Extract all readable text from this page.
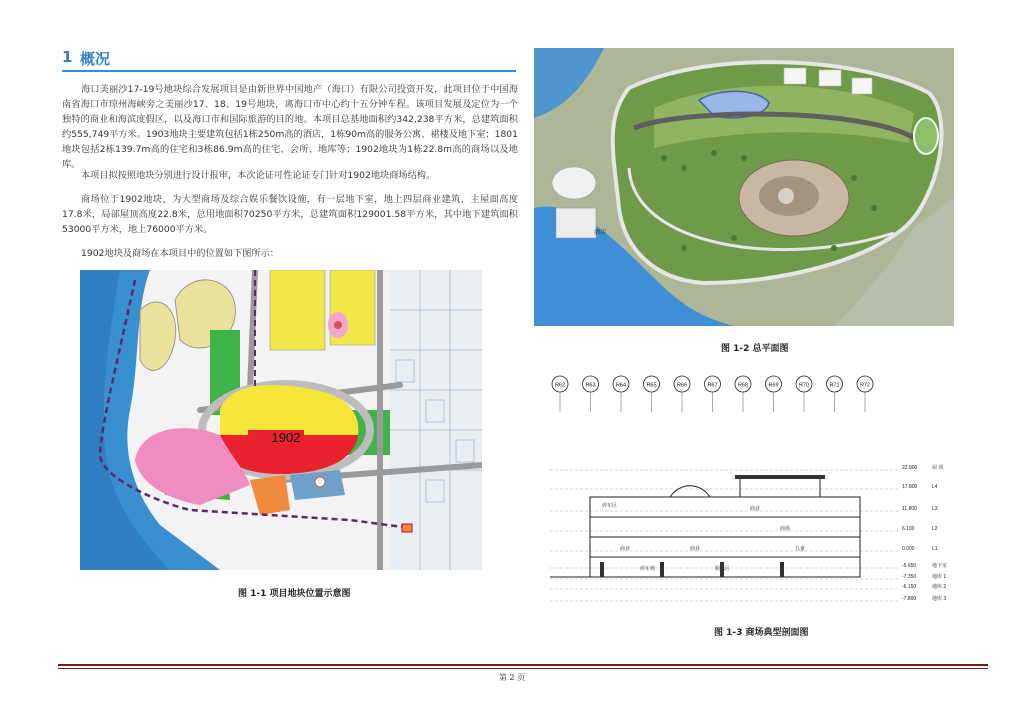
1 概况
海口美丽沙17-19号地块综合发展项目是由新世界中国地产（海口）有限公司投资开发，此项目位于中国海南省海口市琼州海峡旁之美丽沙17、18、19号地块，离海口市中心约十五分钟车程。该项目发展及定位为一个独特的商业和海滨度假区，以及海口市和国际旅游的目的地。本项目总基地面积约342,238平方米，总建筑面积约555,749平方米。1903地块主要建筑包括1栋250m高的酒店，1栋90m高的服务公寓、裙楼及地下室；1801地块包括2栋139.7m高的住宅和3栋86.9m高的住宅、会所、地库等；1902地块为1栋22.8m高的商场以及地库。
本项目拟按照地块分别进行设计报审，本次论证可性论证专门针对1902地块商场结构。
商场位于1902地块，为大型商场及综合娱乐餐饮设施，有一层地下室，地上四层商业建筑，主屋面高度17.8米，局部屋顶高度22.8米，总用地面积70250平方米，总建筑面积129001.58平方米，其中地下建筑面积53000平方米，地上76000平方米。
1902地块及商场在本项目中的位置如下图所示：
1902
图 1-1 项目地块位置示意图
酒店
图 1-2 总平面图
R62	R63	R64	R65	R66	R67	R68	R69	R70	R71	R72
22.800	屋 顶
17.800	L4
11.800	L3
6.100	L2
0.000	L1
-5.650	地下室
-7.350	地库 1
-6.150	地库 2
-7.800	地库 3
停车区	商业
商场
商业	商业	儿童
停车场	娱乐区
图 1-3 商场典型剖面图
第 2 页
